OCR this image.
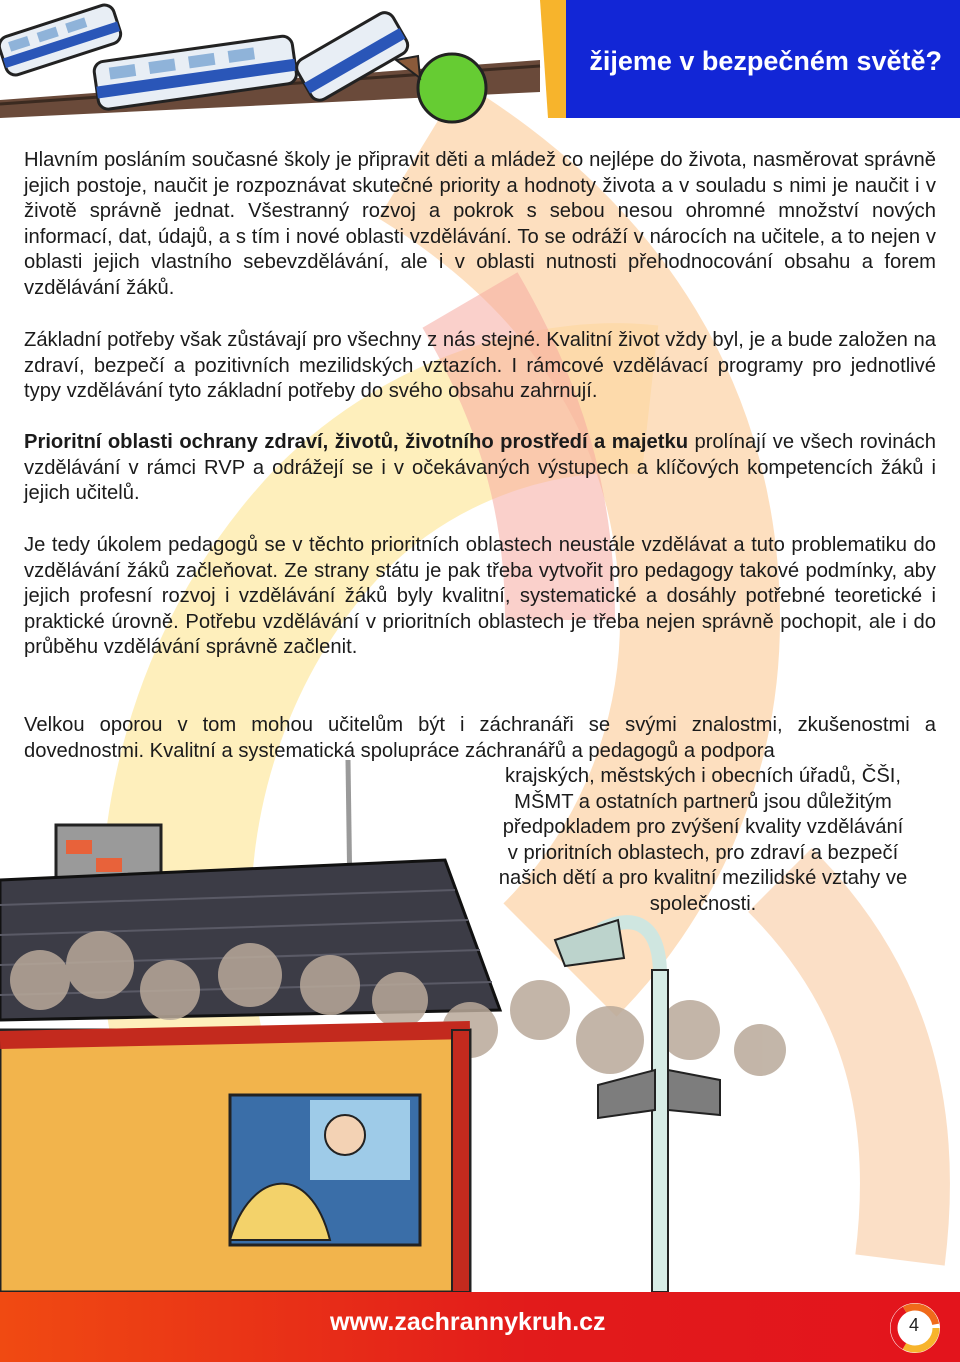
žijeme v bezpečném světě?

Hlavním posláním současné školy je připravit děti a mládež co nejlépe do života, nasměrovat správně jejich postoje, naučit je rozpoznávat skutečné priority a hodnoty života a v souladu s nimi je naučit i v životě správně jednat. Všestranný rozvoj a pokrok s sebou nesou ohromné množství nových informací, dat, údajů, a s tím i nové oblasti vzdělávání. To se odráží v nárocích na učitele, a to nejen v oblasti jejich vlastního sebevzdělávání, ale i v oblasti nutnosti přehodnocování obsahu a forem vzdělávání žáků.

Základní potřeby však zůstávají pro všechny z nás stejné. Kvalitní život vždy byl, je a bude založen na zdraví, bezpečí a pozitivních mezilidských vztazích. I rámcové vzdělávací programy pro jednotlivé typy vzdělávání tyto základní potřeby do svého obsahu zahrnují.

Prioritní oblasti ochrany zdraví, životů, životního prostředí a majetku prolínají ve všech rovinách vzdělávání v rámci RVP a odrážejí se i v očekávaných výstupech a klíčových kompetencích žáků i jejich učitelů.

Je tedy úkolem pedagogů se v těchto prioritních oblastech neustále vzdělávat a tuto problematiku do vzdělávání žáků začleňovat. Ze strany státu je pak třeba vytvořit pro pedagogy takové podmínky, aby jejich profesní rozvoj i vzdělávání žáků byly kvalitní, systematické a dosáhly potřebné teoretické i praktické úrovně. Potřebu vzdělávání v prioritních oblastech je třeba nejen správně pochopit, ale i do průběhu vzdělávání správně začlenit.

Velkou oporou v tom mohou učitelům být i záchranáři se svými znalostmi, zkušenostmi a dovednostmi. Kvalitní a systematická spolupráce záchranářů a pedagogů a podpora

krajských, městských i obecních úřadů, ČŠI,

MŠMT a ostatních partnerů jsou důležitým

předpokladem pro zvýšení kvality vzdělávání

v prioritních oblastech, pro zdraví a bezpečí

našich dětí a pro kvalitní mezilidské vztahy ve

společnosti.

www.zachrannykruh.cz	4
